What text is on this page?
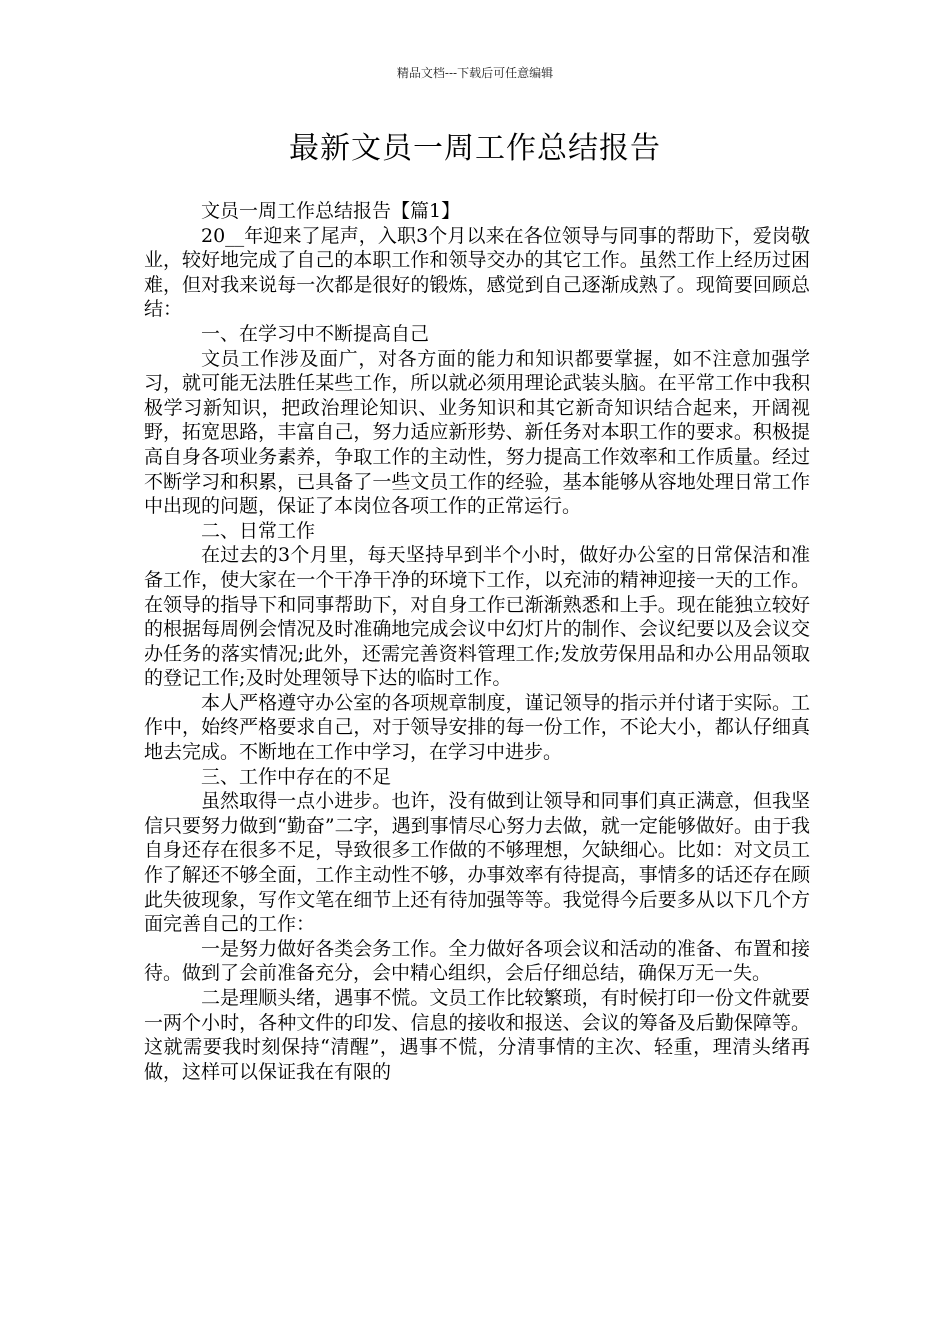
精品文档---下载后可任意编辑
最新文员一周工作总结报告

文员一周工作总结报告【篇1】

20__年迎来了尾声，入职3个月以来在各位领导与同事的帮助下，爱岗敬业，较好地完成了自己的本职工作和领导交办的其它工作。虽然工作上经历过困难，但对我来说每一次都是很好的锻炼，感觉到自己逐渐成熟了。现简要回顾总结：

一、在学习中不断提高自己

文员工作涉及面广，对各方面的能力和知识都要掌握，如不注意加强学习，就可能无法胜任某些工作，所以就必须用理论武装头脑。在平常工作中我积极学习新知识，把政治理论知识、业务知识和其它新奇知识结合起来，开阔视野，拓宽思路，丰富自己，努力适应新形势、新任务对本职工作的要求。积极提高自身各项业务素养，争取工作的主动性，努力提高工作效率和工作质量。经过不断学习和积累，已具备了一些文员工作的经验，基本能够从容地处理日常工作中出现的问题，保证了本岗位各项工作的正常运行。

二、日常工作

在过去的3个月里，每天坚持早到半个小时，做好办公室的日常保洁和准备工作，使大家在一个干净干净的环境下工作，以充沛的精神迎接一天的工作。在领导的指导下和同事帮助下，对自身工作已渐渐熟悉和上手。现在能独立较好的根据每周例会情况及时准确地完成会议中幻灯片的制作、会议纪要以及会议交办任务的落实情况;此外，还需完善资料管理工作;发放劳保用品和办公用品领取的登记工作;及时处理领导下达的临时工作。

本人严格遵守办公室的各项规章制度，谨记领导的指示并付诸于实际。工作中，始终严格要求自己，对于领导安排的每一份工作，不论大小，都认仔细真地去完成。不断地在工作中学习，在学习中进步。

三、工作中存在的不足

虽然取得一点小进步。也许，没有做到让领导和同事们真正满意，但我坚信只要努力做到“勤奋”二字，遇到事情尽心努力去做，就一定能够做好。由于我自身还存在很多不足，导致很多工作做的不够理想，欠缺细心。比如：对文员工作了解还不够全面，工作主动性不够，办事效率有待提高，事情多的话还存在顾此失彼现象，写作文笔在细节上还有待加强等等。我觉得今后要多从以下几个方面完善自己的工作：

一是努力做好各类会务工作。全力做好各项会议和活动的准备、布置和接待。做到了会前准备充分，会中精心组织，会后仔细总结，确保万无一失。

二是理顺头绪，遇事不慌。文员工作比较繁琐，有时候打印一份文件就要一两个小时，各种文件的印发、信息的接收和报送、会议的筹备及后勤保障等。这就需要我时刻保持“清醒”，遇事不慌，分清事情的主次、轻重，理清头绪再做，这样可以保证我在有限的
